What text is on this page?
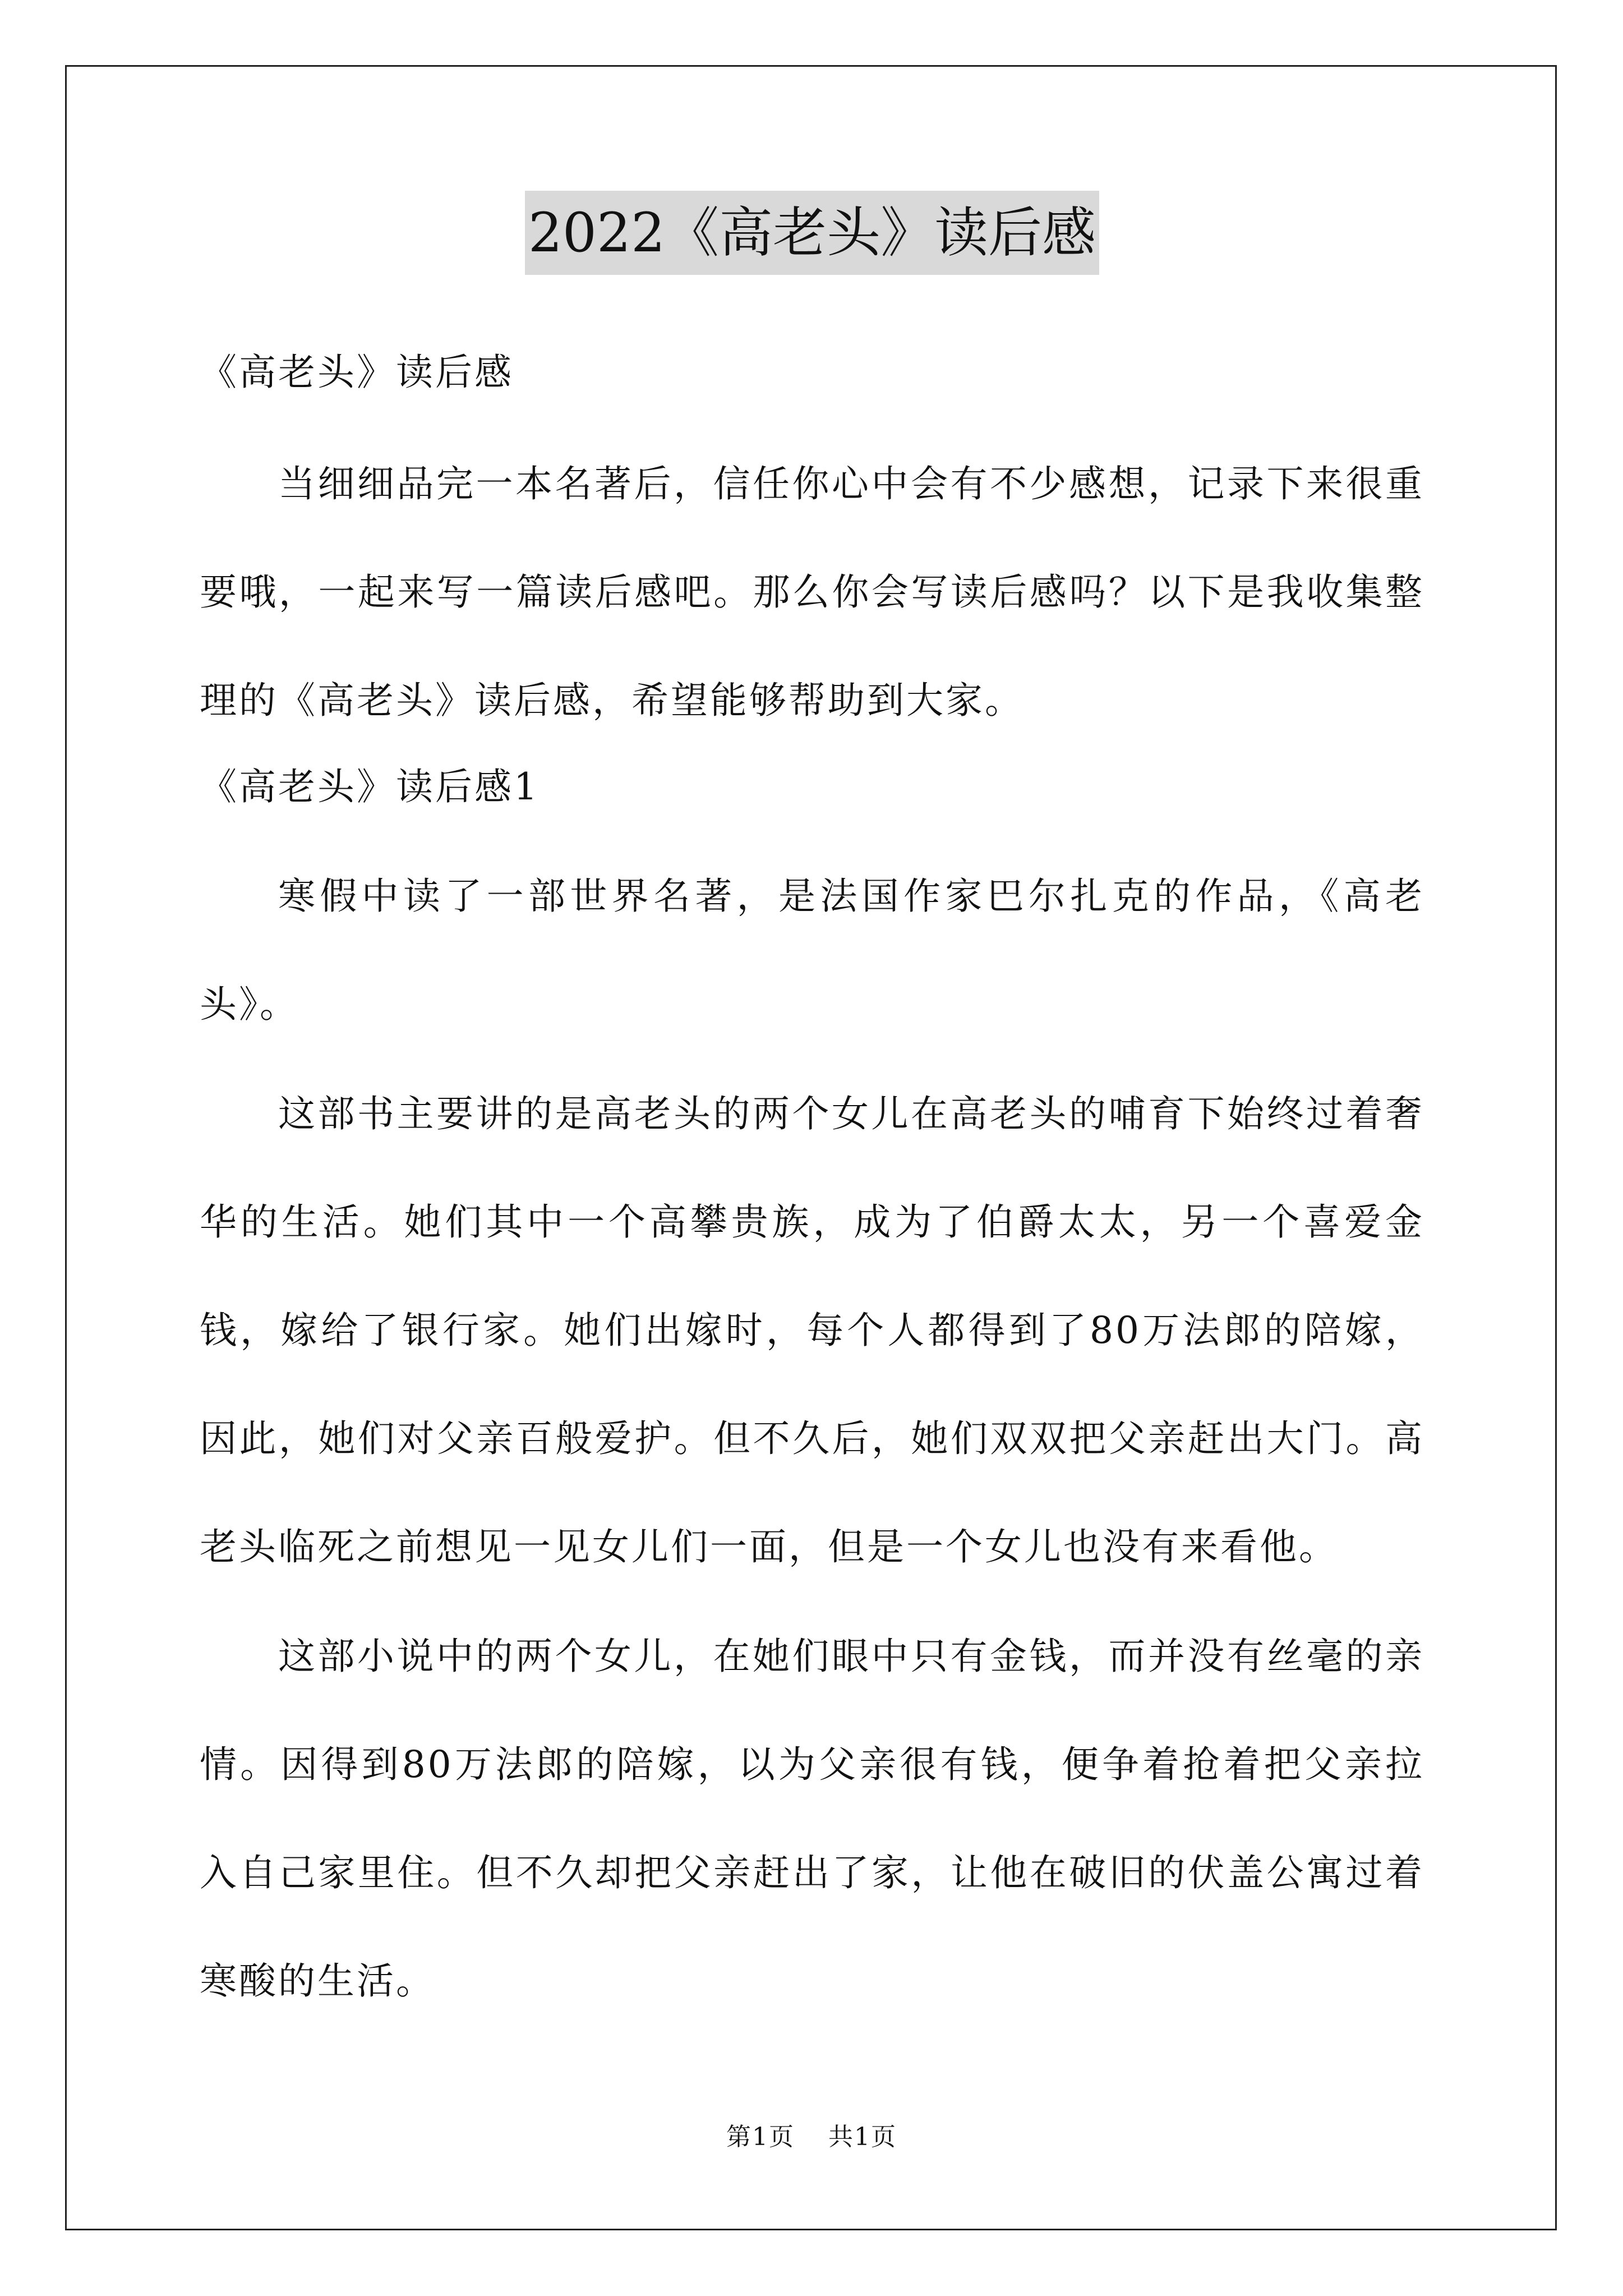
2022《高老头》读后感

《高老头》读后感

当细细品完一本名著后，信任你心中会有不少感想，记录下来很重要哦，一起来写一篇读后感吧。那么你会写读后感吗？以下是我收集整理的《高老头》读后感，希望能够帮助到大家。

《高老头》读后感1

寒假中读了一部世界名著，是法国作家巴尔扎克的作品，《高老头》。

这部书主要讲的是高老头的两个女儿在高老头的哺育下始终过着奢华的生活。她们其中一个高攀贵族，成为了伯爵太太，另一个喜爱金钱，嫁给了银行家。她们出嫁时，每个人都得到了80万法郎的陪嫁，因此，她们对父亲百般爱护。但不久后，她们双双把父亲赶出大门。高老头临死之前想见一见女儿们一面，但是一个女儿也没有来看他。

这部小说中的两个女儿，在她们眼中只有金钱，而并没有丝毫的亲情。因得到80万法郎的陪嫁，以为父亲很有钱，便争着抢着把父亲拉入自己家里住。但不久却把父亲赶出了家，让他在破旧的伏盖公寓过着寒酸的生活。

第1页 共1页
